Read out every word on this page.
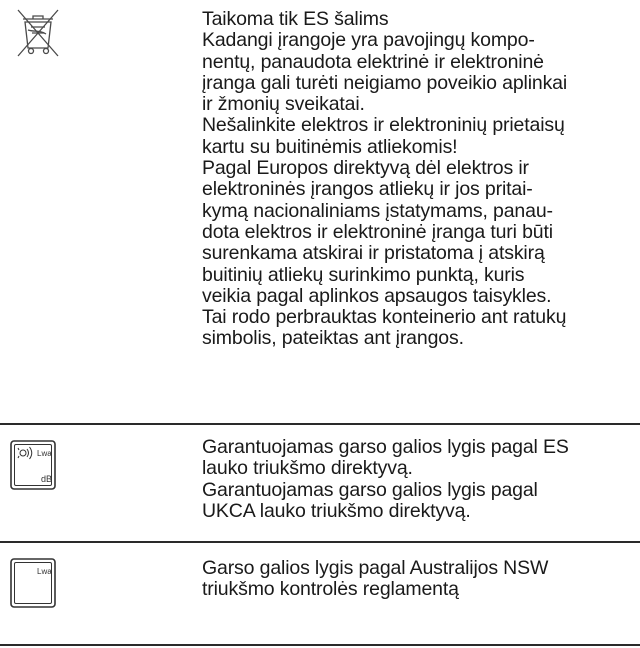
Taikoma tik ES šalims
Kadangi įrangoje yra pavojingų kompo-
nentų, panaudota elektrinė ir elektroninė
įranga gali turėti neigiamo poveikio aplinkai
ir žmonių sveikatai.
Nešalinkite elektros ir elektroninių prietaisų
kartu su buitinėmis atliekomis!
Pagal Europos direktyvą dėl elektros ir
elektroninės įrangos atliekų ir jos pritai-
kymą nacionaliniams įstatymams, panau-
dota elektros ir elektroninė įranga turi būti
surenkama atskirai ir pristatoma į atskirą
buitinių atliekų surinkimo punktą, kuris
veikia pagal aplinkos apsaugos taisykles.
Tai rodo perbrauktas konteinerio ant ratukų
simbolis, pateiktas ant įrangos.
Lwa
dB
Garantuojamas garso galios lygis pagal ES
lauko triukšmo direktyvą.
Garantuojamas garso galios lygis pagal
UKCA lauko triukšmo direktyvą.
Lwa	Garso galios lygis pagal Australijos NSW
triukšmo kontrolės reglamentą
